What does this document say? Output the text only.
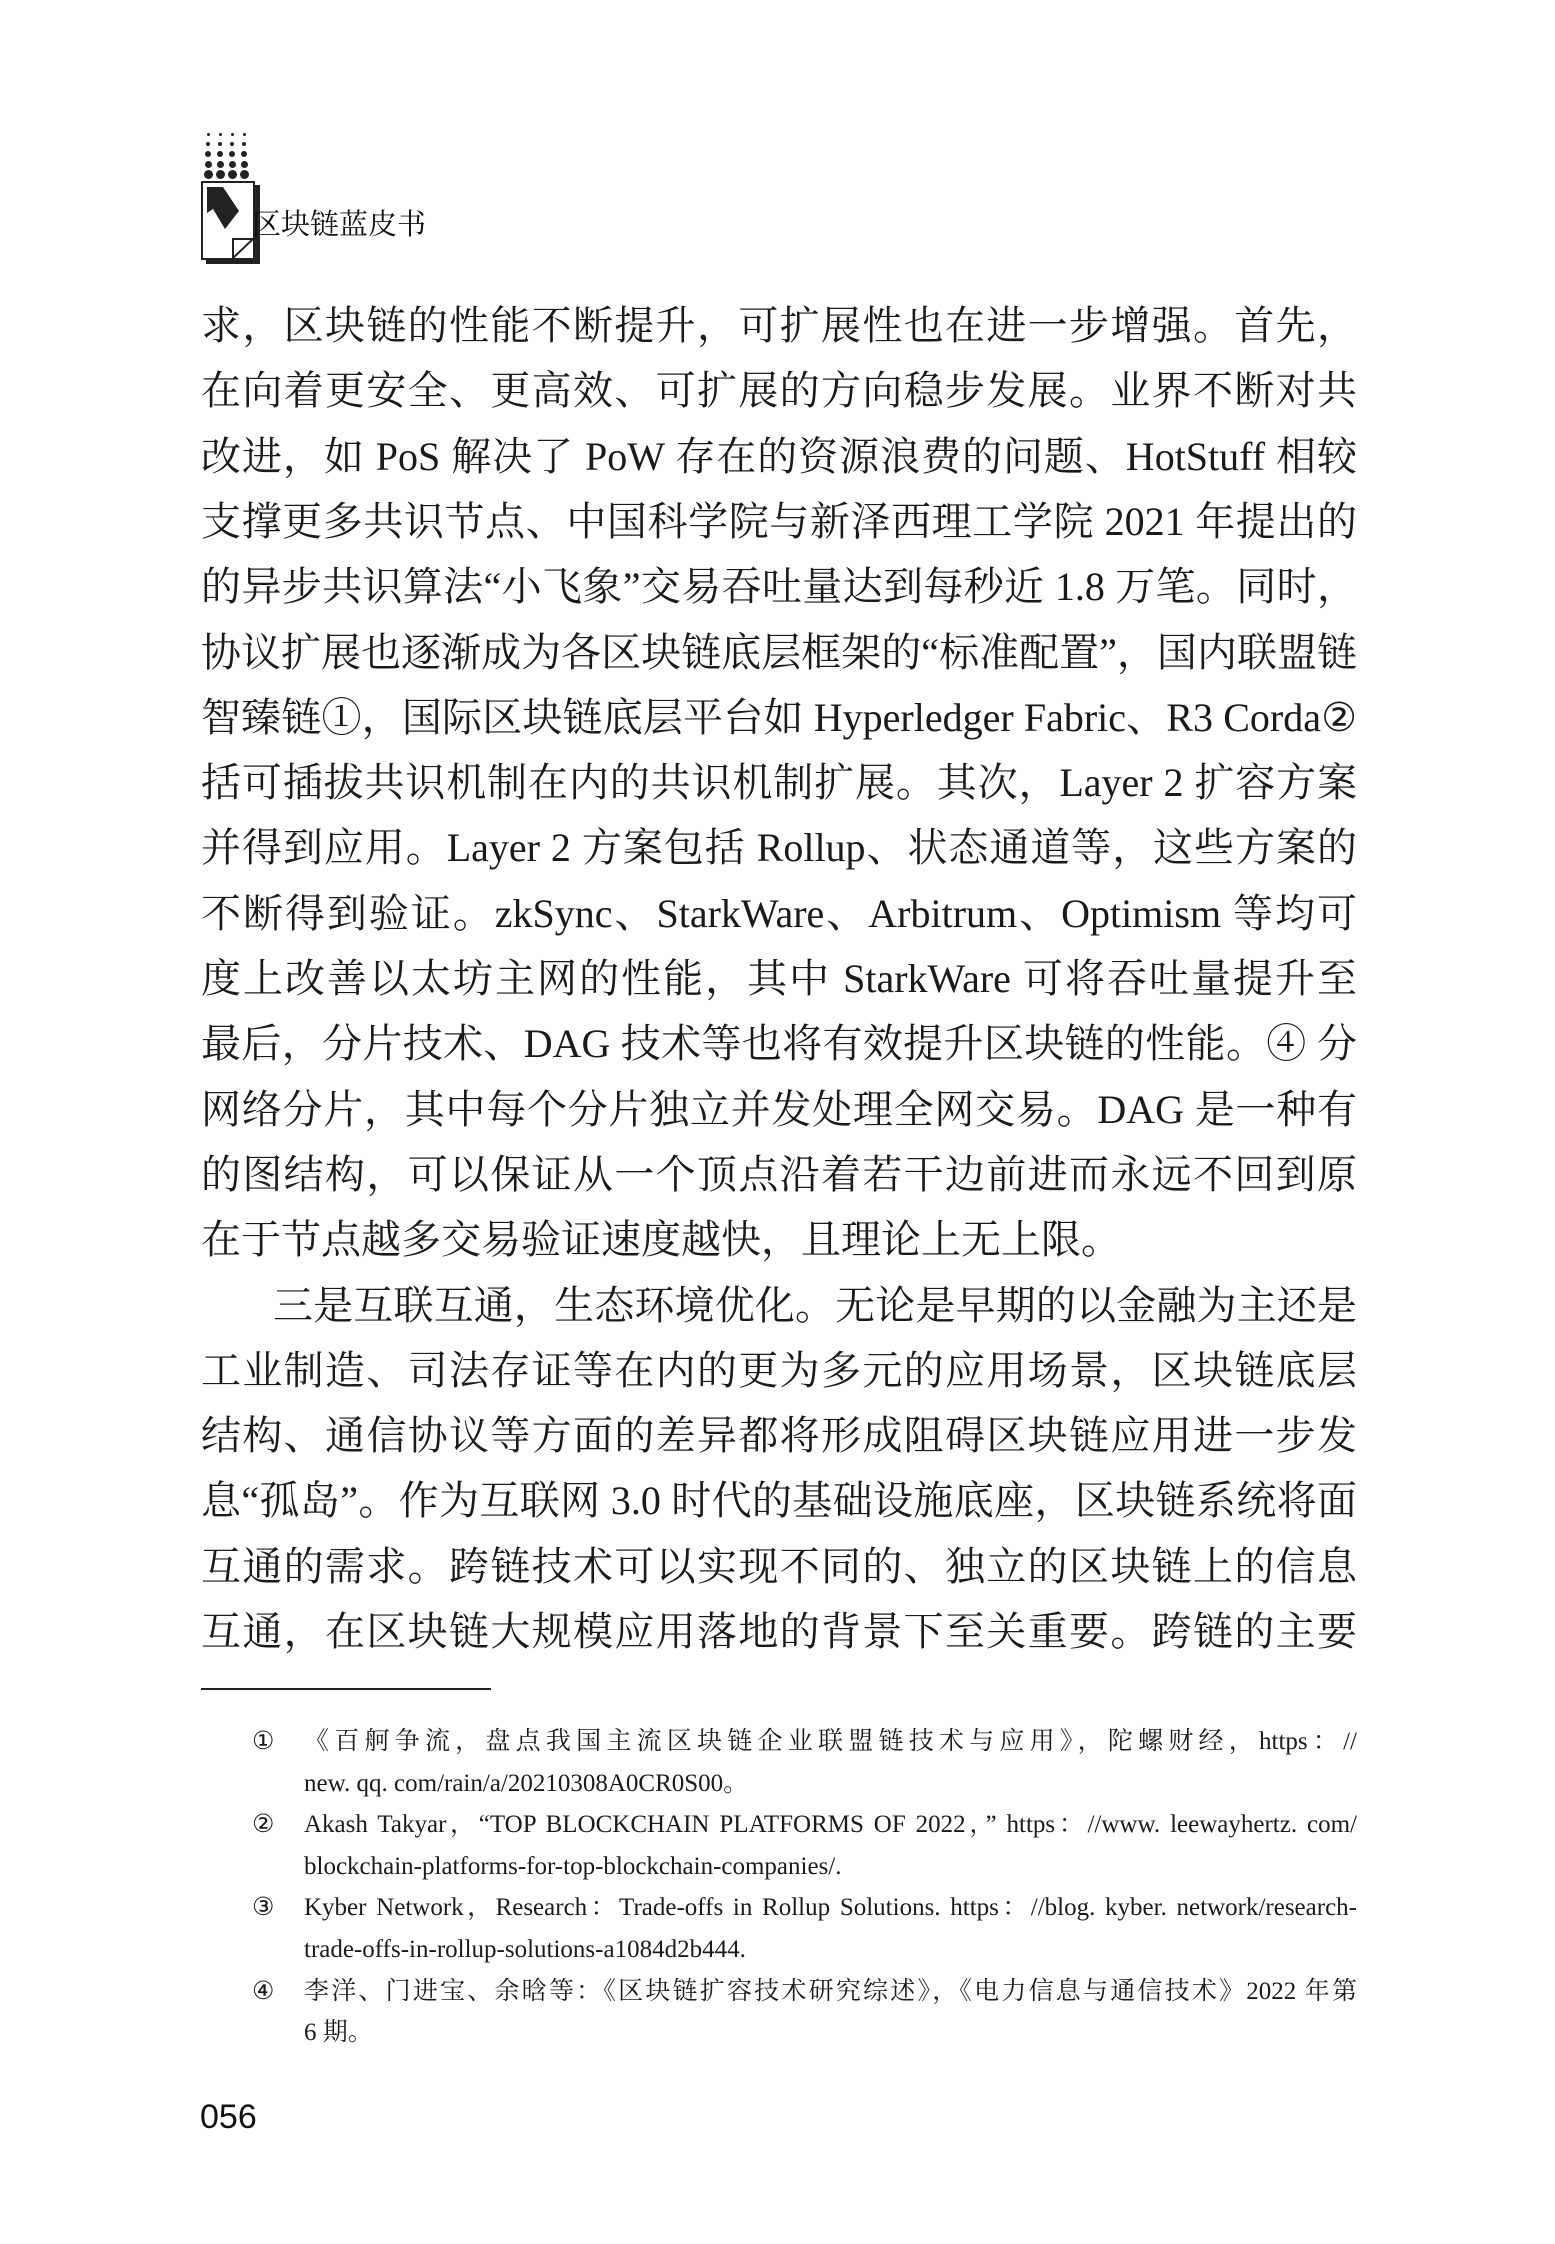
区块链蓝皮书
求，区块链的性能不断提升，可扩展性也在进一步增强。首先，
在向着更安全、更高效、可扩展的方向稳步发展。业界不断对共
改进，如 PoS 解决了 PoW 存在的资源浪费的问题、HotStuff 相较
支撑更多共识节点、中国科学院与新泽西理工学院 2021 年提出的
的异步共识算法“小飞象”交易吞吐量达到每秒近 1.8 万笔。同时，
协议扩展也逐渐成为各区块链底层框架的“标准配置”，国内联盟链
智臻链①，国际区块链底层平台如 Hyperledger Fabric、R3 Corda②
括可插拔共识机制在内的共识机制扩展。其次，Layer 2 扩容方案
并得到应用。Layer 2 方案包括 Rollup、状态通道等，这些方案的
不断得到验证。zkSync、StarkWare、Arbitrum、Optimism 等均可
度上改善以太坊主网的性能，其中 StarkWare 可将吞吐量提升至
最后，分片技术、DAG 技术等也将有效提升区块链的性能。④ 分
网络分片，其中每个分片独立并发处理全网交易。DAG 是一种有
的图结构，可以保证从一个顶点沿着若干边前进而永远不回到原
在于节点越多交易验证速度越快，且理论上无上限。
三是互联互通，生态环境优化。无论是早期的以金融为主还是
工业制造、司法存证等在内的更为多元的应用场景，区块链底层
结构、通信协议等方面的差异都将形成阻碍区块链应用进一步发
息“孤岛”。作为互联网 3.0 时代的基础设施底座，区块链系统将面
互通的需求。跨链技术可以实现不同的、独立的区块链上的信息
互通，在区块链大规模应用落地的背景下至关重要。跨链的主要
① 《百舸争流，盘点我国主流区块链企业联盟链技术与应用》，陀螺财经，https：//
new. qq. com/rain/a/20210308A0CR0S00。
② Akash Takyar，“TOP BLOCKCHAIN PLATFORMS OF 2022，” https：//www. leewayhertz. com/
blockchain-platforms-for-top-blockchain-companies/.
③ Kyber Network，Research：Trade-offs in Rollup Solutions. https：//blog. kyber. network/research-
trade-offs-in-rollup-solutions-a1084d2b444.
④ 李洋、门进宝、余晗等：《区块链扩容技术研究综述》，《电力信息与通信技术》2022 年第
6 期。
056
